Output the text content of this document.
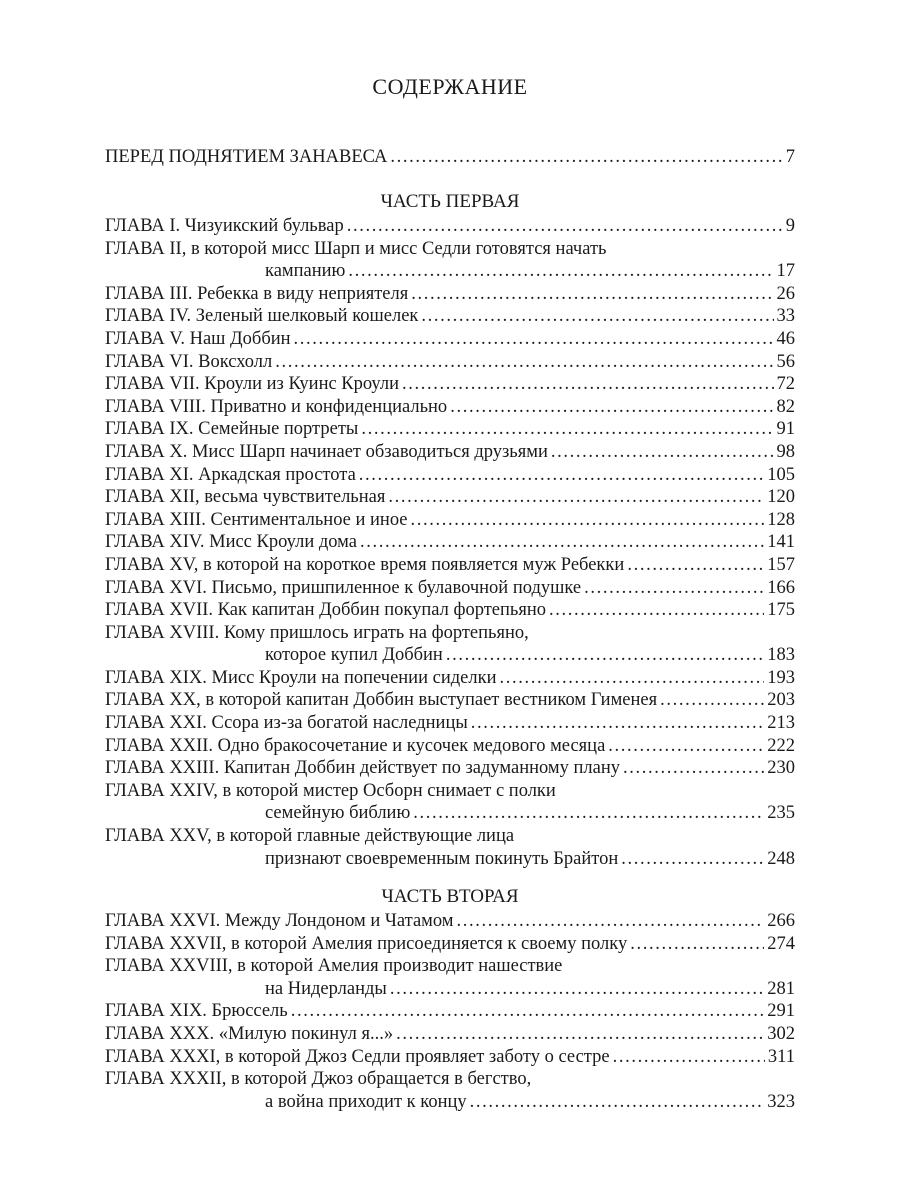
СОДЕРЖАНИЕ
ПЕРЕД ПОДНЯТИЕМ ЗАНАВЕСА . . .	7
ЧАСТЬ ПЕРВАЯ
ГЛАВА I. Чизуикский бульвар . . .	9
ГЛАВА II, в которой мисс Шарп и мисс Седли готовятся начать
кампанию . . .	17
ГЛАВА III. Ребекка в виду неприятеля . . .	26
ГЛАВА IV. Зеленый шелковый кошелек . . .	33
ГЛАВА V. Наш Доббин . . .	46
ГЛАВА VI. Воксхолл . . .	56
ГЛАВА VII. Кроули из Куинс Кроули . . .	72
ГЛАВА VIII. Приватно и конфиденциально . . .	82
ГЛАВА IX. Семейные портреты . . .	91
ГЛАВА X. Мисс Шарп начинает обзаводиться друзьями . . .	98
ГЛАВА XI. Аркадская простота . . .	105
ГЛАВА XII, весьма чувствительная . . .	120
ГЛАВА XIII. Сентиментальное и иное . . .	128
ГЛАВА XIV. Мисс Кроули дома . . .	141
ГЛАВА XV, в которой на короткое время появляется муж Ребекки . . .	157
ГЛАВА XVI. Письмо, пришпиленное к булавочной подушке . . .	166
ГЛАВА XVII. Как капитан Доббин покупал фортепьяно . . .	175
ГЛАВА XVIII. Кому пришлось играть на фортепьяно,
которое купил Доббин . . .	183
ГЛАВА XIX. Мисс Кроули на попечении сиделки . . .	193
ГЛАВА XX, в которой капитан Доббин выступает вестником Гименея . . .	203
ГЛАВА XXI. Ссора из-за богатой наследницы . . .	213
ГЛАВА XXII. Одно бракосочетание и кусочек медового месяца . . .	222
ГЛАВА XXIII. Капитан Доббин действует по задуманному плану . . .	230
ГЛАВА XXIV, в которой мистер Осборн снимает с полки
семейную библию . . .	235
ГЛАВА XXV, в которой главные действующие лица
признают своевременным покинуть Брайтон . . .	248
ЧАСТЬ ВТОРАЯ
ГЛАВА XXVI. Между Лондоном и Чатамом . . .	266
ГЛАВА XXVII, в которой Амелия присоединяется к своему полку . . .	274
ГЛАВА XXVIII, в которой Амелия производит нашествие
на Нидерланды . . .	281
ГЛАВА XIX. Брюссель . . .	291
ГЛАВА XXX. «Милую покинул я...» . . .	302
ГЛАВА XXXI, в которой Джоз Седли проявляет заботу о сестре . . .	311
ГЛАВА XXXII, в которой Джоз обращается в бегство,
а война приходит к концу . . .	323
